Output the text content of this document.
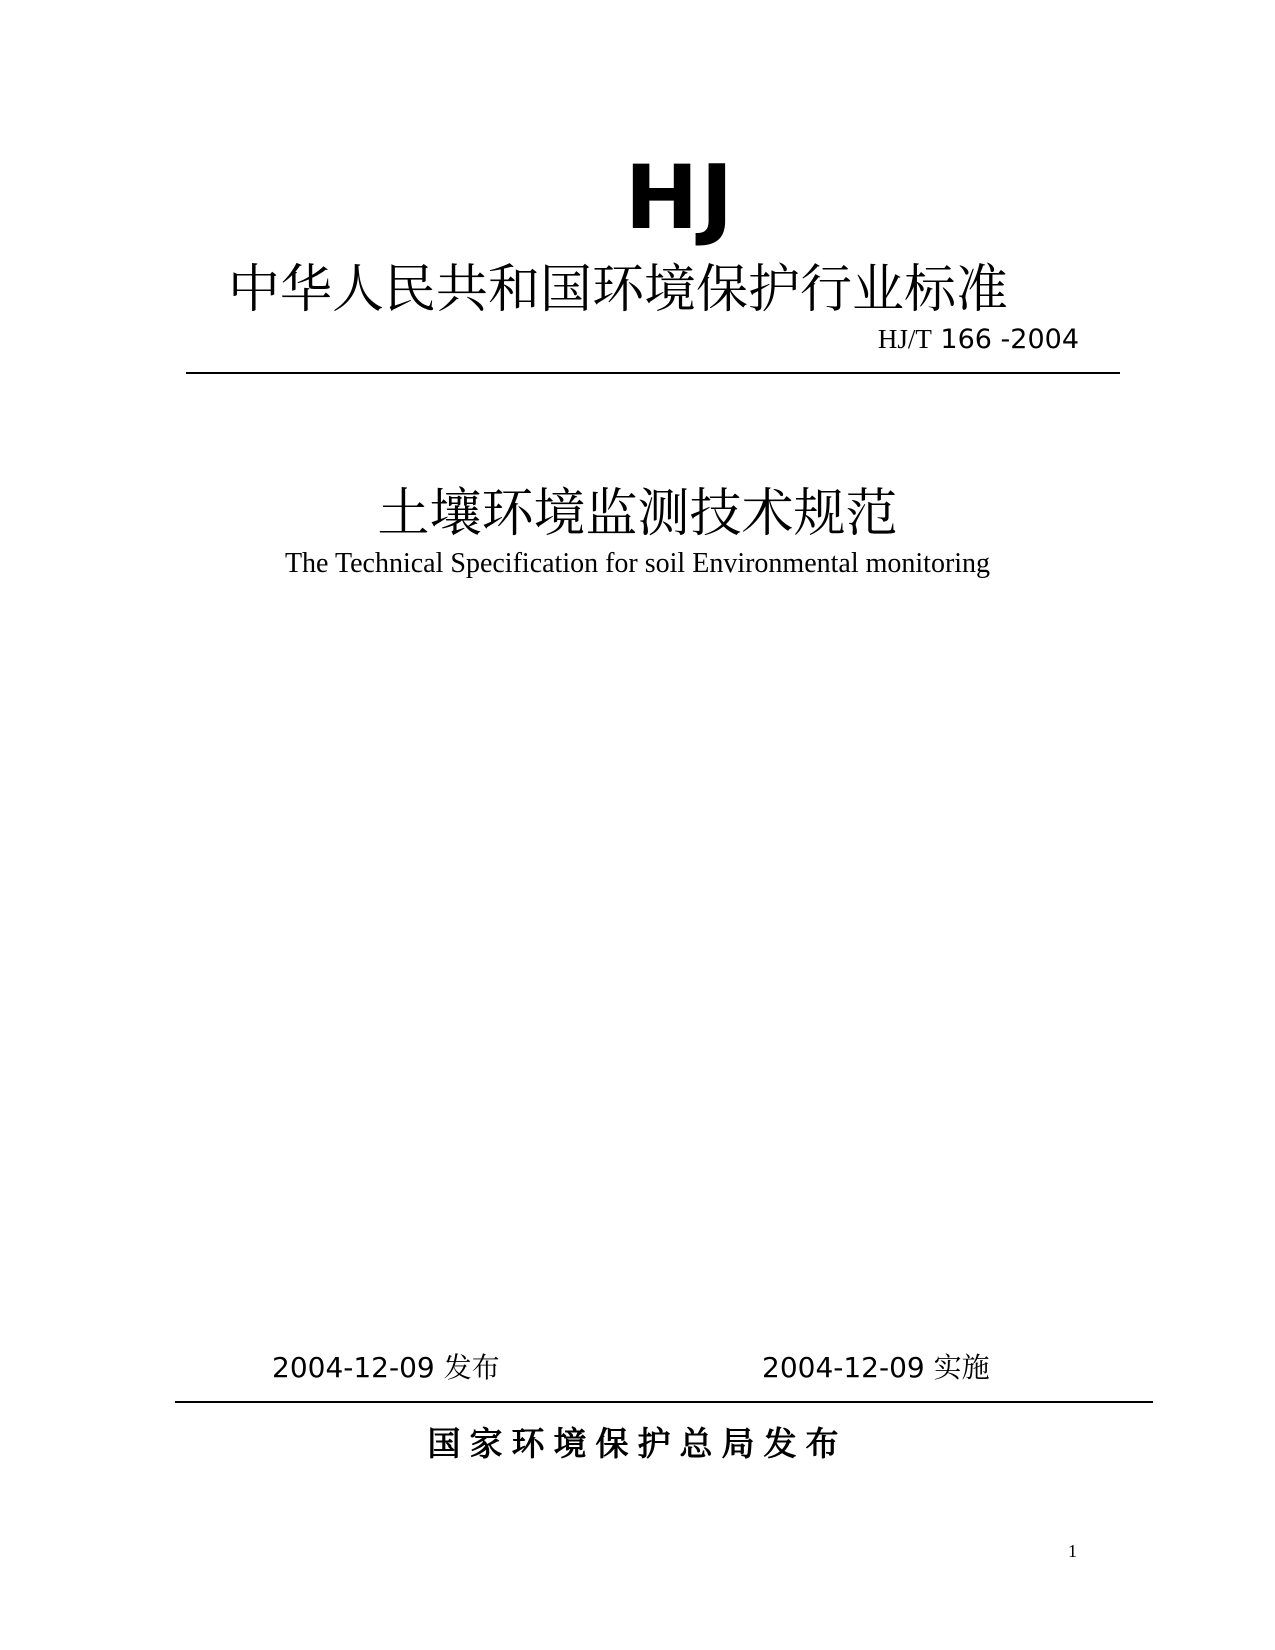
HJ
中华人民共和国环境保护行业标准
HJ/T 166 -2004
土壤环境监测技术规范
The Technical Specification for soil Environmental monitoring
2004-12-09 发布	2004-12-09 实施
国家环境保护总局发布
1
